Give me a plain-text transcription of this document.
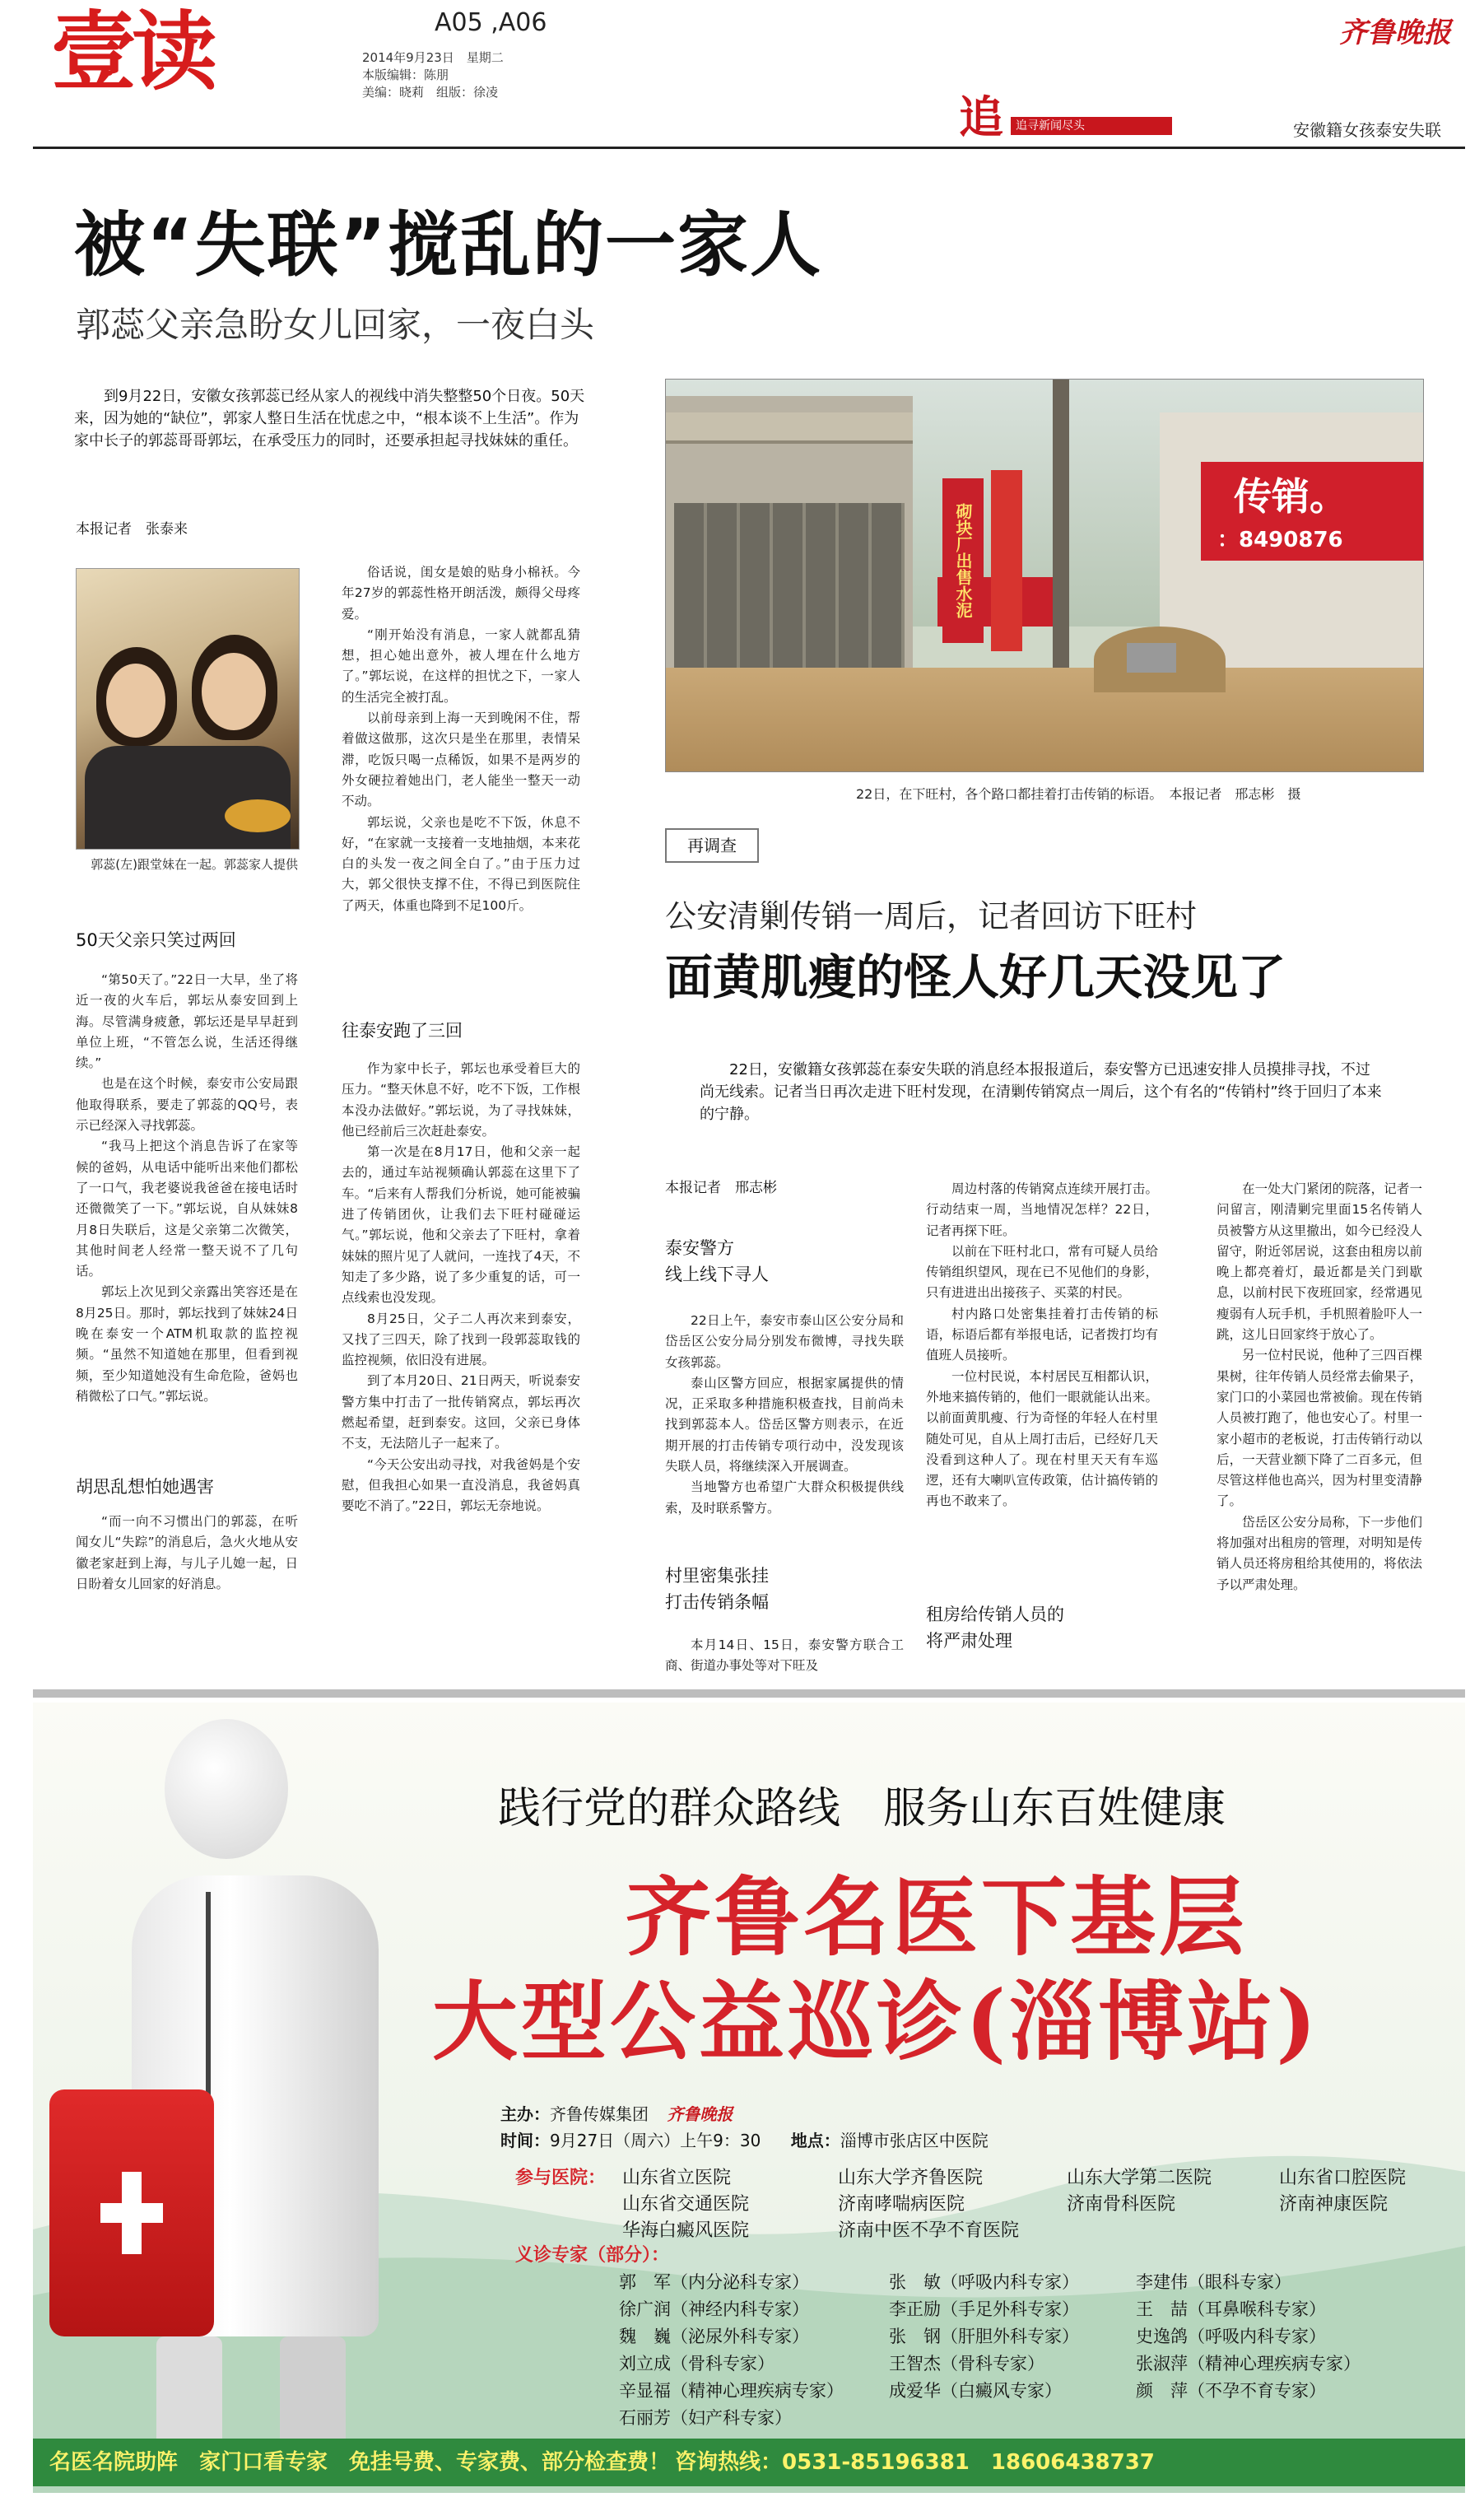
壹读	A05 ,A06
2014年9月23日　星期二
本版编辑：陈朋
美编：晓莉　组版：徐凌
齐鲁晚报
追	追寻新闻尽头	安徽籍女孩泰安失联
被“失联”搅乱的一家人
郭蕊父亲急盼女儿回家，一夜白头
到9月22日，安徽女孩郭蕊已经从家人的视线中消失整整50个日夜。50天来，因为她的“缺位”，郭家人整日生活在忧虑之中，“根本谈不上生活”。作为家中长子的郭蕊哥哥郭坛，在承受压力的同时，还要承担起寻找妹妹的重任。
本报记者　张泰来
郭蕊(左)跟堂妹在一起。郭蕊家人提供
50天父亲只笑过两回

“第50天了。”22日一大早，坐了将近一夜的火车后，郭坛从泰安回到上海。尽管满身疲惫，郭坛还是早早赶到单位上班，“不管怎么说，生活还得继续。”

也是在这个时候，泰安市公安局跟他取得联系，要走了郭蕊的QQ号，表示已经深入寻找郭蕊。

“我马上把这个消息告诉了在家等候的爸妈，从电话中能听出来他们都松了一口气，我老婆说我爸爸在接电话时还微微笑了一下。”郭坛说，自从妹妹8月8日失联后，这是父亲第二次微笑，其他时间老人经常一整天说不了几句话。

郭坛上次见到父亲露出笑容还是在8月25日。那时，郭坛找到了妹妹24日晚在泰安一个ATM机取款的监控视频。“虽然不知道她在那里，但看到视频，至少知道她没有生命危险，爸妈也稍微松了口气。”郭坛说。

胡思乱想怕她遇害

“而一向不习惯出门的郭蕊，在听闻女儿“失踪”的消息后，急火火地从安徽老家赶到上海，与儿子儿媳一起，日日盼着女儿回家的好消息。

俗话说，闺女是娘的贴身小棉袄。今年27岁的郭蕊性格开朗活泼，颇得父母疼爱。

“刚开始没有消息，一家人就都乱猜想，担心她出意外，被人埋在什么地方了。”郭坛说，在这样的担忧之下，一家人的生活完全被打乱。

以前母亲到上海一天到晚闲不住，帮着做这做那，这次只是坐在那里，表情呆滞，吃饭只喝一点稀饭，如果不是两岁的外女硬拉着她出门，老人能坐一整天一动不动。

郭坛说，父亲也是吃不下饭，休息不好，“在家就一支接着一支地抽烟，本来花白的头发一夜之间全白了。”由于压力过大，郭父很快支撑不住，不得已到医院住了两天，体重也降到不足100斤。

往泰安跑了三回

作为家中长子，郭坛也承受着巨大的压力。“整天休息不好，吃不下饭，工作根本没办法做好。”郭坛说，为了寻找妹妹，他已经前后三次赶赴泰安。

第一次是在8月17日，他和父亲一起去的，通过车站视频确认郭蕊在这里下了车。“后来有人帮我们分析说，她可能被骗进了传销团伙，让我们去下旺村碰碰运气。”郭坛说，他和父亲去了下旺村，拿着妹妹的照片见了人就问，一连找了4天，不知走了多少路，说了多少重复的话，可一点线索也没发现。

8月25日，父子二人再次来到泰安，又找了三四天，除了找到一段郭蕊取钱的监控视频，依旧没有进展。

到了本月20日、21日两天，听说泰安警方集中打击了一批传销窝点，郭坛再次燃起希望，赶到泰安。这回，父亲已身体不支，无法陪儿子一起来了。

“今天公安出动寻找，对我爸妈是个安慰，但我担心如果一直没消息，我爸妈真要吃不消了。”22日，郭坛无奈地说。

砌块厂出售水泥
传销。
：8490876
22日，在下旺村，各个路口都挂着打击传销的标语。　本报记者　邢志彬　摄
再调查
公安清剿传销一周后，记者回访下旺村
面黄肌瘦的怪人好几天没见了
22日，安徽籍女孩郭蕊在泰安失联的消息经本报报道后，泰安警方已迅速安排人员摸排寻找，不过尚无线索。记者当日再次走进下旺村发现，在清剿传销窝点一周后，这个有名的“传销村”终于回归了本来的宁静。
本报记者　邢志彬
泰安警方
线上线下寻人

22日上午，泰安市泰山区公安分局和岱岳区公安分局分别发布微博，寻找失联女孩郭蕊。

泰山区警方回应，根据家属提供的情况，正采取多种措施积极查找，目前尚未找到郭蕊本人。岱岳区警方则表示，在近期开展的打击传销专项行动中，没发现该失联人员，将继续深入开展调查。

当地警方也希望广大群众积极提供线索，及时联系警方。

村里密集张挂
打击传销条幅

本月14日、15日，泰安警方联合工商、街道办事处等对下旺及

周边村落的传销窝点连续开展打击。行动结束一周，当地情况怎样？22日，记者再探下旺。

以前在下旺村北口，常有可疑人员给传销组织望风，现在已不见他们的身影，只有进进出出接孩子、买菜的村民。

村内路口处密集挂着打击传销的标语，标语后都有举报电话，记者拨打均有值班人员接听。

一位村民说，本村居民互相都认识，外地来搞传销的，他们一眼就能认出来。以前面黄肌瘦、行为奇怪的年轻人在村里随处可见，自从上周打击后，已经好几天没看到这种人了。现在村里天天有车巡逻，还有大喇叭宣传政策，估计搞传销的再也不敢来了。

租房给传销人员的
将严肃处理

在一处大门紧闭的院落，记者一问留言，刚清剿完里面15名传销人员被警方从这里撤出，如今已经没人留守，附近邻居说，这套由租房以前晚上都亮着灯，最近都是关门到歇息，以前村民下夜班回家，经常遇见瘦弱有人玩手机，手机照着脸吓人一跳，这儿日回家终于放心了。

另一位村民说，他种了三四百棵果树，往年传销人员经常去偷果子，家门口的小菜园也常被偷。现在传销人员被打跑了，他也安心了。村里一家小超市的老板说，打击传销行动以后，一天营业额下降了二百多元，但尽管这样他也高兴，因为村里变清静了。

岱岳区公安分局称，下一步他们将加强对出租房的管理，对明知是传销人员还将房租给其使用的，将依法予以严肃处理。

践行党的群众路线　服务山东百姓健康
齐鲁名医下基层
大型公益巡诊(淄博站)
主办：齐鲁传媒集团 齐鲁晚报
时间：9月27日（周六）上午9：30 地点：淄博市张店区中医院
参与医院：
义诊专家（部分）：
名医名院助阵　家门口看专家　免挂号费、专家费、部分检查费！ 咨询热线：0531-85196381　18606438737
山东省立医院	山东大学齐鲁医院	山东大学第二医院	山东省口腔医院
山东省交通医院	济南哮喘病医院	济南骨科医院	济南神康医院
华海白癜风医院	济南中医不孕不育医院
郭　军（内分泌科专家）	张　敏（呼吸内科专家）	李建伟（眼科专家）
徐广润（神经内科专家）	李正励（手足外科专家）	王　喆（耳鼻喉科专家）
魏　巍（泌尿外科专家）	张　钢（肝胆外科专家）	史逸鸽（呼吸内科专家）
刘立成（骨科专家）	王智杰（骨科专家）	张淑萍（精神心理疾病专家）
辛显福（精神心理疾病专家）	成爱华（白癜风专家）	颜　萍（不孕不育专家）
石丽芳（妇产科专家）
